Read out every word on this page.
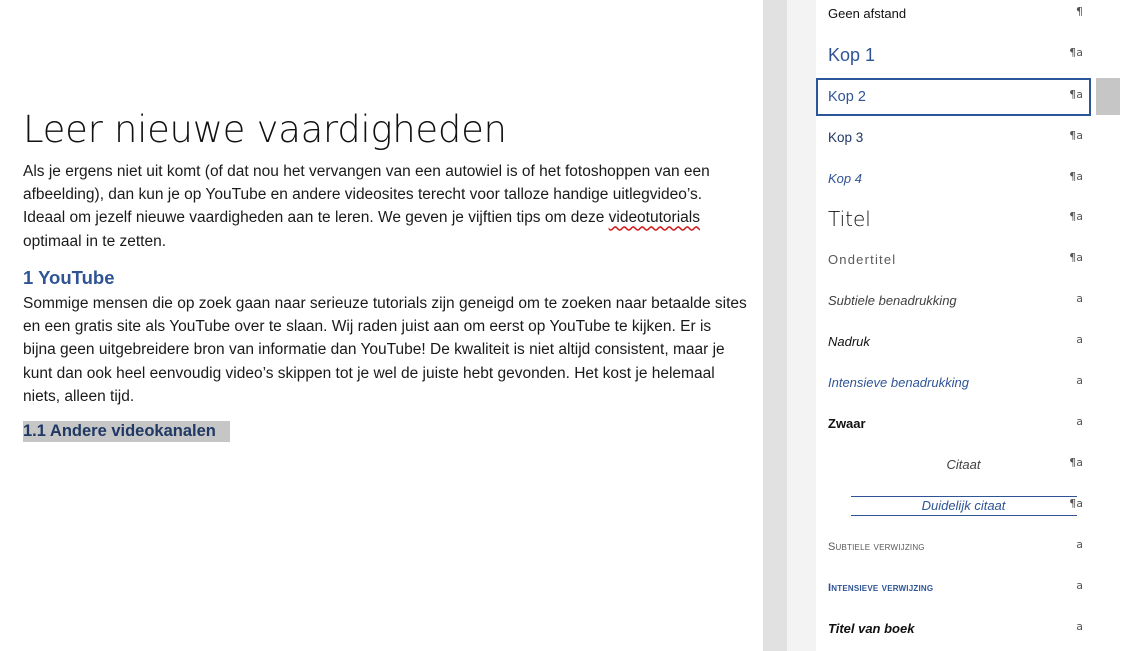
Leer nieuwe vaardigheden

Als je ergens niet uit komt (of dat nou het vervangen van een autowiel is of het fotoshoppen van een afbeelding), dan kun je op YouTube en andere videosites terecht voor talloze handige uitlegvideo’s. Ideaal om jezelf nieuwe vaardigheden aan te leren. We geven je vijftien tips om deze videotutorials optimaal in te zetten.

1 YouTube

Sommige mensen die op zoek gaan naar serieuze tutorials zijn geneigd om te zoeken naar betaalde sites en een gratis site als YouTube over te slaan. Wij raden juist aan om eerst op YouTube te kijken. Er is bijna geen uitgebreidere bron van informatie dan YouTube! De kwaliteit is niet altijd consistent, maar je kunt dan ook heel eenvoudig video’s skippen tot je wel de juiste hebt gevonden. Het kost je helemaal niets, alleen tijd.

1.1 Andere videokanalen
Geen afstand	¶
Kop 1	¶a
Kop 2	¶a
Kop 3	¶a
Kop 4	¶a
Titel	¶a
Ondertitel	¶a
Subtiele benadrukking	a
Nadruk	a
Intensieve benadrukking	a
Zwaar	a
Citaat	¶a
Duidelijk citaat	¶a
Subtiele verwijzing	a
Intensieve verwijzing	a
Titel van boek	a
